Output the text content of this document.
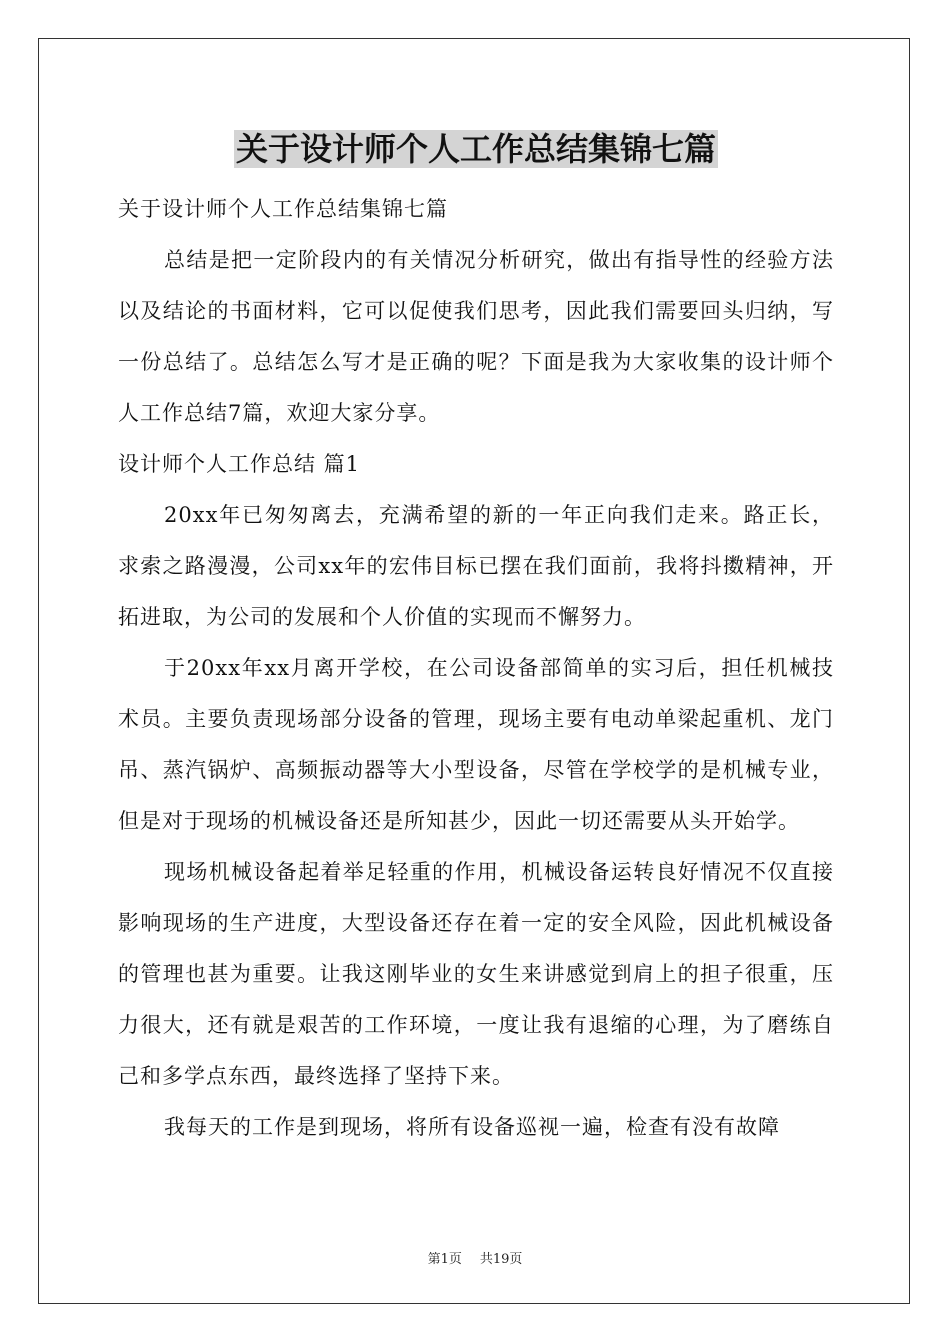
关于设计师个人工作总结集锦七篇

关于设计师个人工作总结集锦七篇

总结是把一定阶段内的有关情况分析研究，做出有指导性的经验方法以及结论的书面材料，它可以促使我们思考，因此我们需要回头归纳，写一份总结了。总结怎么写才是正确的呢？下面是我为大家收集的设计师个人工作总结7篇，欢迎大家分享。

设计师个人工作总结 篇1

20xx年已匆匆离去，充满希望的新的一年正向我们走来。路正长，求索之路漫漫，公司xx年的宏伟目标已摆在我们面前，我将抖擞精神，开拓进取，为公司的发展和个人价值的实现而不懈努力。

于20xx年xx月离开学校，在公司设备部简单的实习后，担任机械技术员。主要负责现场部分设备的管理，现场主要有电动单梁起重机、龙门吊、蒸汽锅炉、高频振动器等大小型设备，尽管在学校学的是机械专业，但是对于现场的机械设备还是所知甚少，因此一切还需要从头开始学。

现场机械设备起着举足轻重的作用，机械设备运转良好情况不仅直接影响现场的生产进度，大型设备还存在着一定的安全风险，因此机械设备的管理也甚为重要。让我这刚毕业的女生来讲感觉到肩上的担子很重，压力很大，还有就是艰苦的工作环境，一度让我有退缩的心理，为了磨练自己和多学点东西，最终选择了坚持下来。

我每天的工作是到现场，将所有设备巡视一遍，检查有没有故障

第1页 共19页
